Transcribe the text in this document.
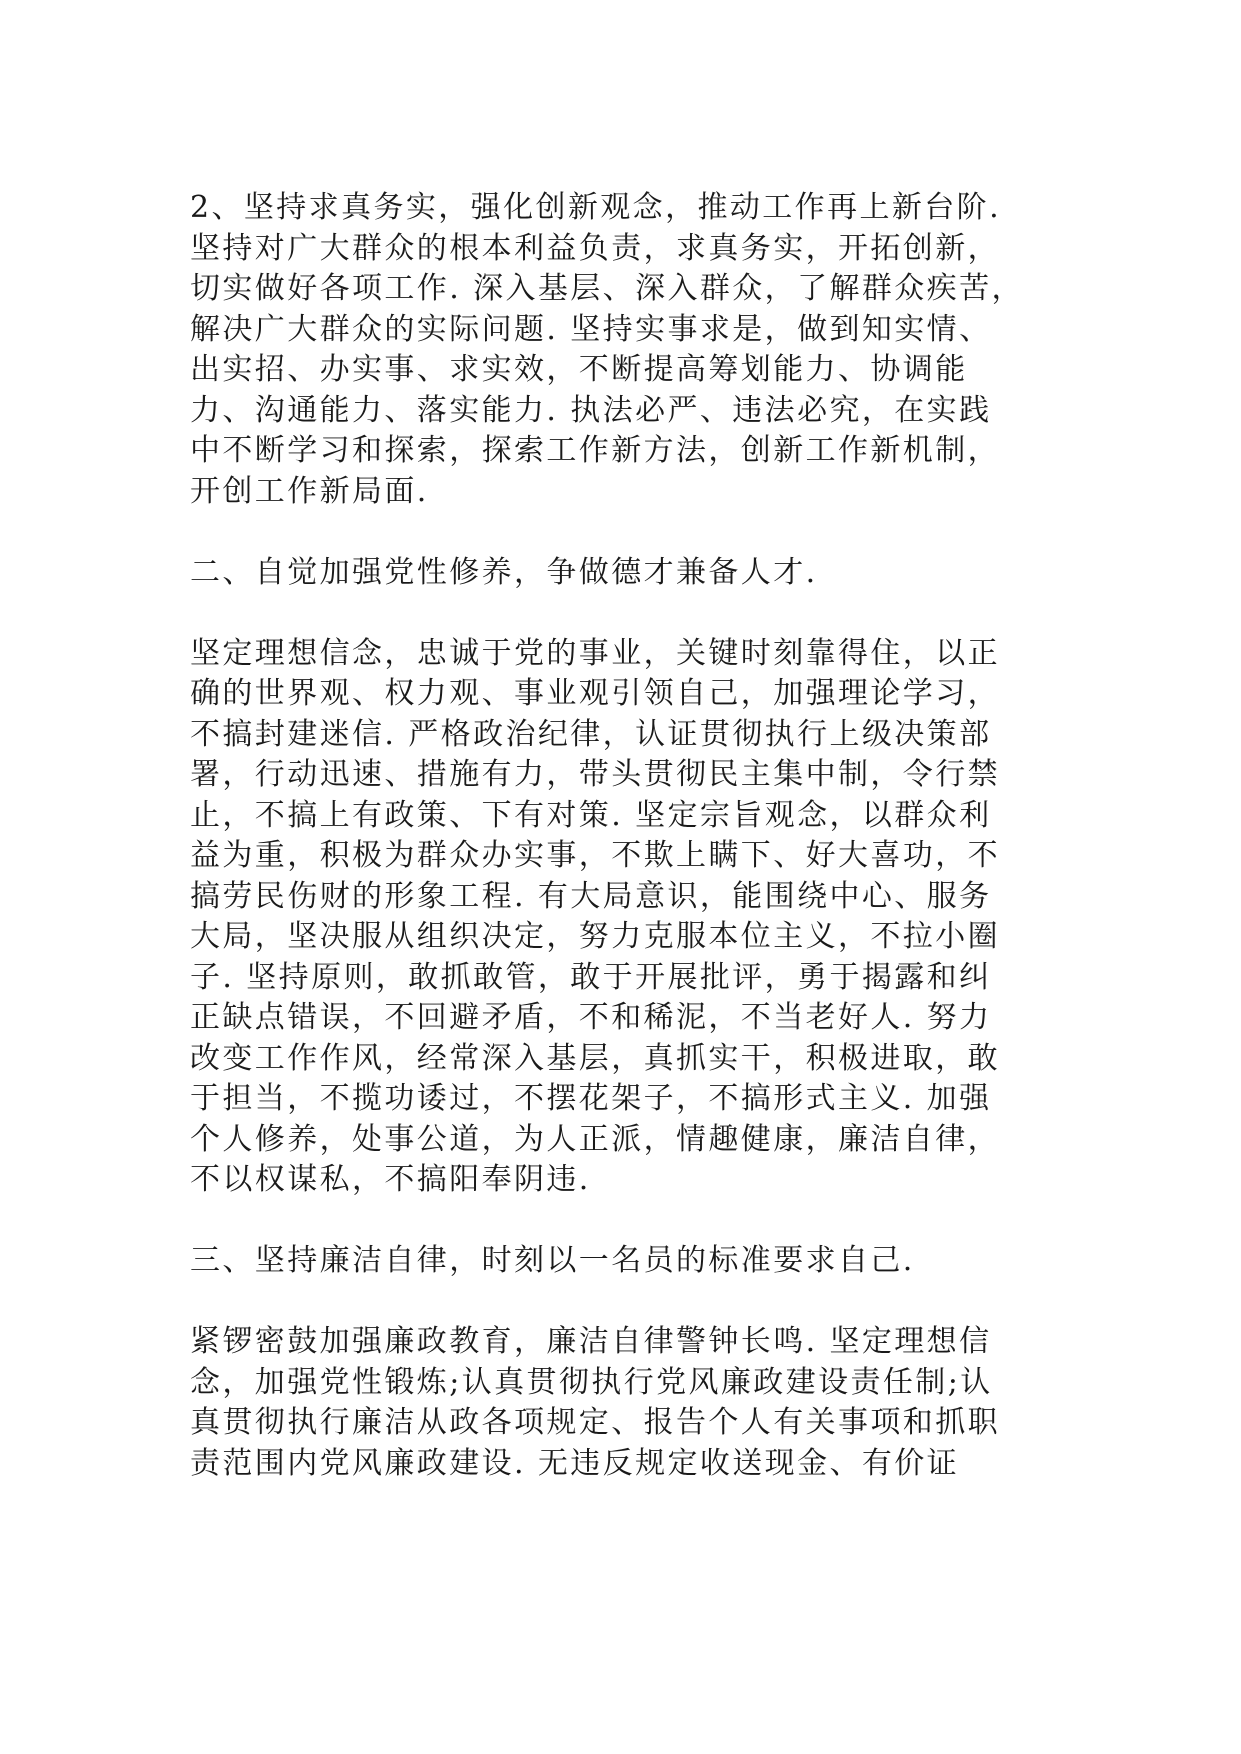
2、坚持求真务实，强化创新观念，推动工作再上新台阶.
坚持对广大群众的根本利益负责，求真务实，开拓创新，
切实做好各项工作. 深入基层、深入群众，了解群众疾苦，
解决广大群众的实际问题. 坚持实事求是，做到知实情、
出实招、办实事、求实效，不断提高筹划能力、协调能
力、沟通能力、落实能力. 执法必严、违法必究，在实践
中不断学习和探索，探索工作新方法，创新工作新机制，
开创工作新局面.
二、自觉加强党性修养，争做德才兼备人才.
坚定理想信念，忠诚于党的事业，关键时刻靠得住，以正
确的世界观、权力观、事业观引领自己，加强理论学习，
不搞封建迷信. 严格政治纪律，认证贯彻执行上级决策部
署，行动迅速、措施有力，带头贯彻民主集中制，令行禁
止，不搞上有政策、下有对策. 坚定宗旨观念，以群众利
益为重，积极为群众办实事，不欺上瞒下、好大喜功，不
搞劳民伤财的形象工程. 有大局意识，能围绕中心、服务
大局，坚决服从组织决定，努力克服本位主义，不拉小圈
子. 坚持原则，敢抓敢管，敢于开展批评，勇于揭露和纠
正缺点错误，不回避矛盾，不和稀泥，不当老好人. 努力
改变工作作风，经常深入基层，真抓实干，积极进取，敢
于担当，不揽功诿过，不摆花架子，不搞形式主义. 加强
个人修养，处事公道，为人正派，情趣健康，廉洁自律，
不以权谋私，不搞阳奉阴违.
三、坚持廉洁自律，时刻以一名员的标准要求自己.
紧锣密鼓加强廉政教育，廉洁自律警钟长鸣. 坚定理想信
念，加强党性锻炼;认真贯彻执行党风廉政建设责任制;认
真贯彻执行廉洁从政各项规定、报告个人有关事项和抓职
责范围内党风廉政建设. 无违反规定收送现金、有价证
